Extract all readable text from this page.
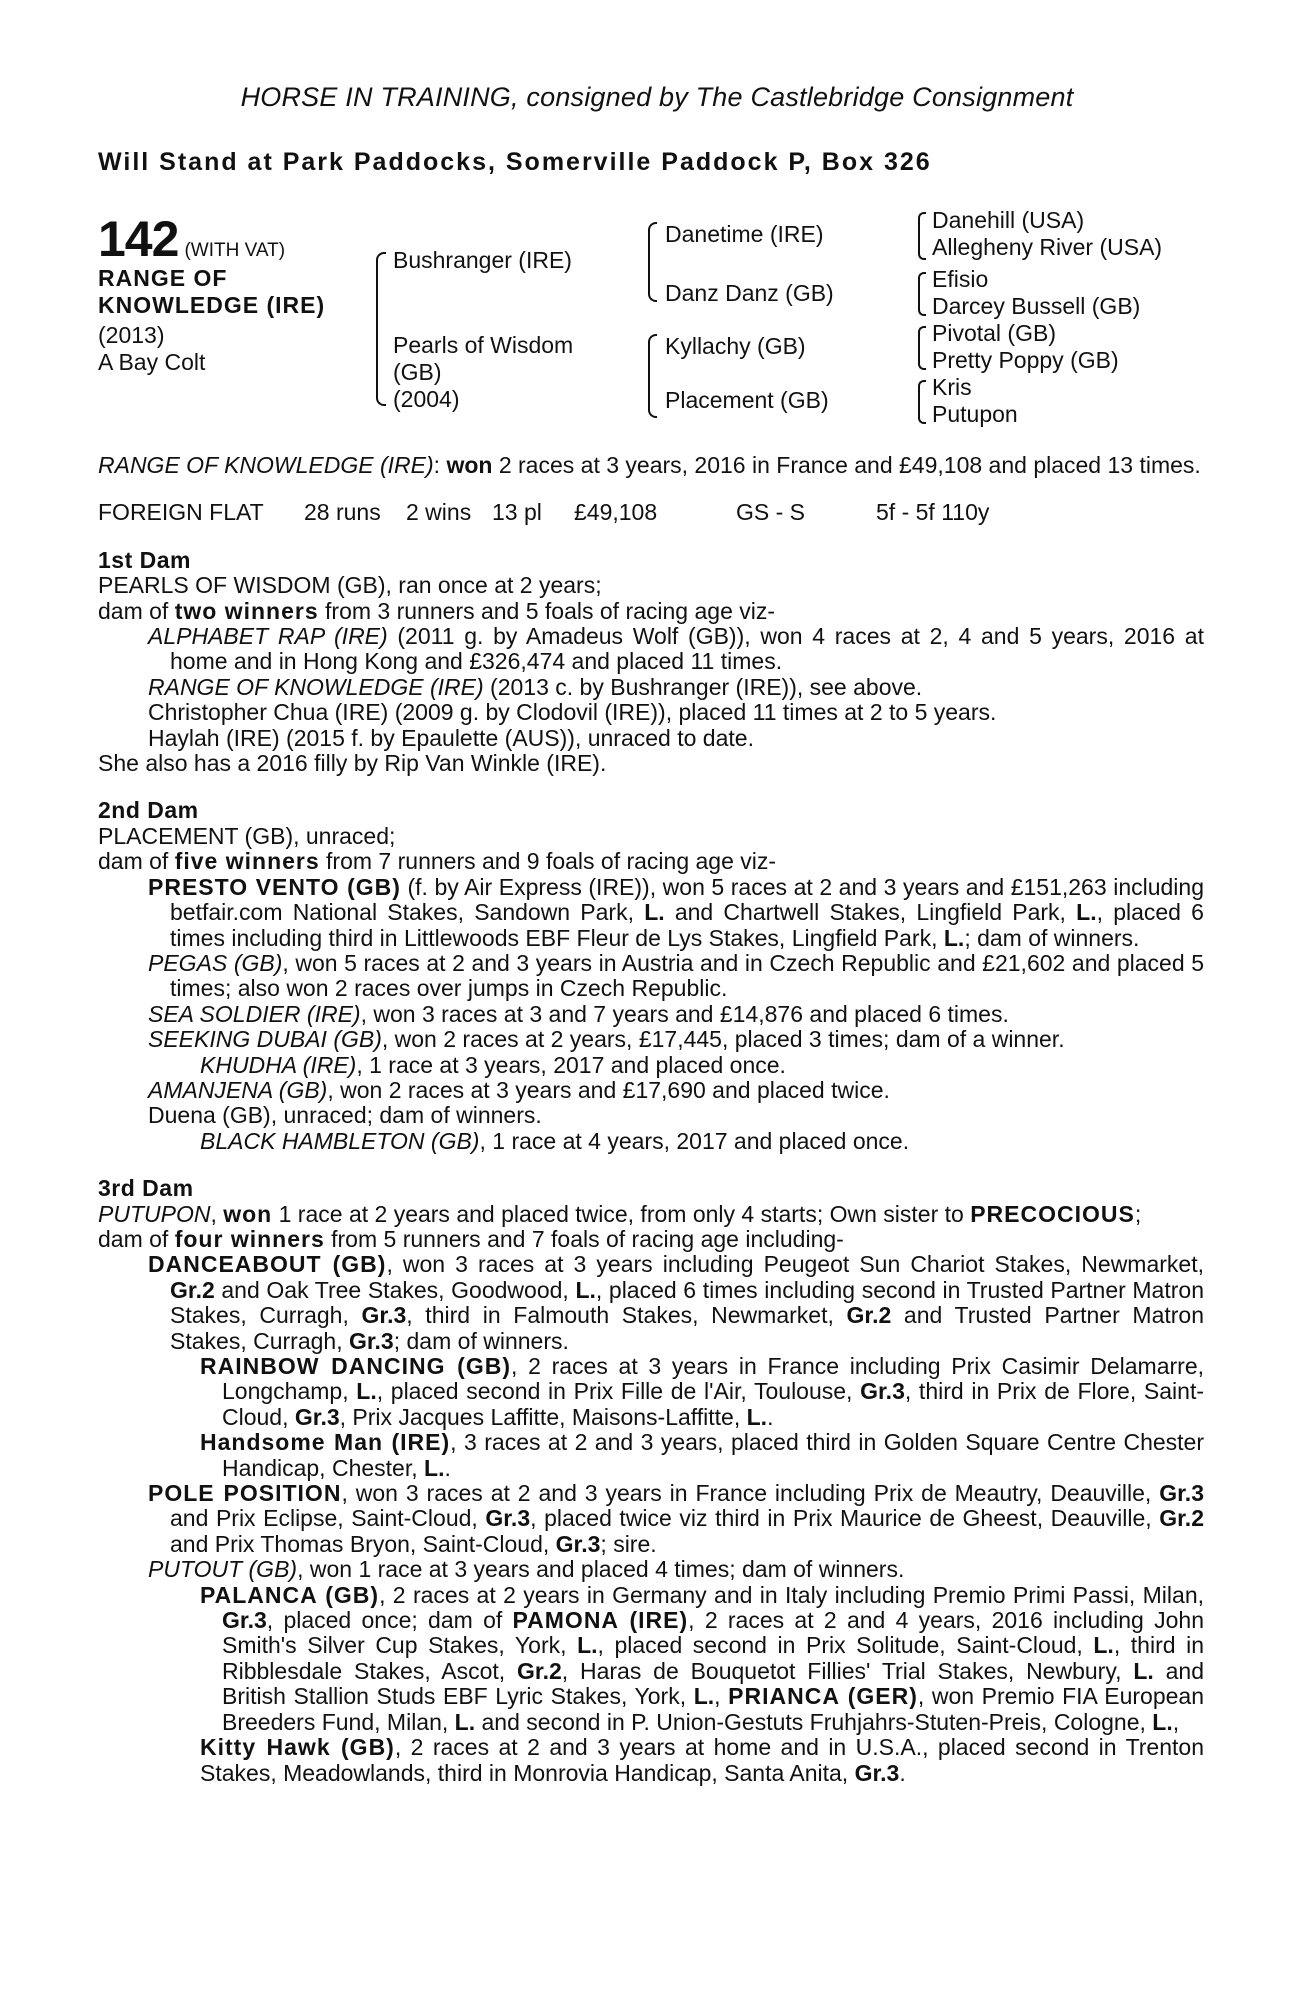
HORSE IN TRAINING, consigned by The Castlebridge Consignment
Will Stand at Park Paddocks, Somerville Paddock P, Box 326
142 (WITH VAT)
RANGE OF
KNOWLEDGE (IRE)
(2013)
A Bay Colt
Bushranger (IRE)
Pearls of Wisdom
(GB)
(2004)
Danetime (IRE)
Danz Danz (GB)
Kyllachy (GB)
Placement (GB)
Danehill (USA)
Allegheny River (USA)
Efisio
Darcey Bussell (GB)
Pivotal (GB)
Pretty Poppy (GB)
Kris
Putupon

RANGE OF KNOWLEDGE (IRE): won 2 races at 3 years, 2016 in France and £49,108 and placed 13 times.

FOREIGN FLAT	28 runs	2 wins 13 pl	£49,108	GS - S	5f - 5f 110y
1st Dam

PEARLS OF WISDOM (GB), ran once at 2 years;

dam of two winners from 3 runners and 5 foals of racing age viz-

ALPHABET RAP (IRE) (2011 g. by Amadeus Wolf (GB)), won 4 races at 2, 4 and 5 years, 2016 at home and in Hong Kong and £326,474 and placed 11 times.

RANGE OF KNOWLEDGE (IRE) (2013 c. by Bushranger (IRE)), see above.

Christopher Chua (IRE) (2009 g. by Clodovil (IRE)), placed 11 times at 2 to 5 years.

Haylah (IRE) (2015 f. by Epaulette (AUS)), unraced to date.

She also has a 2016 filly by Rip Van Winkle (IRE).

2nd Dam

PLACEMENT (GB), unraced;

dam of five winners from 7 runners and 9 foals of racing age viz-

PRESTO VENTO (GB) (f. by Air Express (IRE)), won 5 races at 2 and 3 years and £151,263 including betfair.com National Stakes, Sandown Park, L. and Chartwell Stakes, Lingfield Park, L., placed 6 times including third in Littlewoods EBF Fleur de Lys Stakes, Lingfield Park, L.; dam of winners.

PEGAS (GB), won 5 races at 2 and 3 years in Austria and in Czech Republic and £21,602 and placed 5 times; also won 2 races over jumps in Czech Republic.

SEA SOLDIER (IRE), won 3 races at 3 and 7 years and £14,876 and placed 6 times.

SEEKING DUBAI (GB), won 2 races at 2 years, £17,445, placed 3 times; dam of a winner.

KHUDHA (IRE), 1 race at 3 years, 2017 and placed once.

AMANJENA (GB), won 2 races at 3 years and £17,690 and placed twice.

Duena (GB), unraced; dam of winners.

BLACK HAMBLETON (GB), 1 race at 4 years, 2017 and placed once.

3rd Dam

PUTUPON, won 1 race at 2 years and placed twice, from only 4 starts; Own sister to PRECOCIOUS;

dam of four winners from 5 runners and 7 foals of racing age including-

DANCEABOUT (GB), won 3 races at 3 years including Peugeot Sun Chariot Stakes, Newmarket, Gr.2 and Oak Tree Stakes, Goodwood, L., placed 6 times including second in Trusted Partner Matron Stakes, Curragh, Gr.3, third in Falmouth Stakes, Newmarket, Gr.2 and Trusted Partner Matron Stakes, Curragh, Gr.3; dam of winners.

RAINBOW DANCING (GB), 2 races at 3 years in France including Prix Casimir Delamarre, Longchamp, L., placed second in Prix Fille de l'Air, Toulouse, Gr.3, third in Prix de Flore, Saint-Cloud, Gr.3, Prix Jacques Laffitte, Maisons-Laffitte, L..

Handsome Man (IRE), 3 races at 2 and 3 years, placed third in Golden Square Centre Chester Handicap, Chester, L..

POLE POSITION, won 3 races at 2 and 3 years in France including Prix de Meautry, Deauville, Gr.3 and Prix Eclipse, Saint-Cloud, Gr.3, placed twice viz third in Prix Maurice de Gheest, Deauville, Gr.2 and Prix Thomas Bryon, Saint-Cloud, Gr.3; sire.

PUTOUT (GB), won 1 race at 3 years and placed 4 times; dam of winners.

PALANCA (GB), 2 races at 2 years in Germany and in Italy including Premio Primi Passi, Milan, Gr.3, placed once; dam of PAMONA (IRE), 2 races at 2 and 4 years, 2016 including John Smith's Silver Cup Stakes, York, L., placed second in Prix Solitude, Saint-Cloud, L., third in Ribblesdale Stakes, Ascot, Gr.2, Haras de Bouquetot Fillies' Trial Stakes, Newbury, L. and British Stallion Studs EBF Lyric Stakes, York, L., PRIANCA (GER), won Premio FIA European Breeders Fund, Milan, L. and second in P. Union-Gestuts Fruhjahrs-Stuten-Preis, Cologne, L.,

Kitty Hawk (GB), 2 races at 2 and 3 years at home and in U.S.A., placed second in Trenton Stakes, Meadowlands, third in Monrovia Handicap, Santa Anita, Gr.3.
